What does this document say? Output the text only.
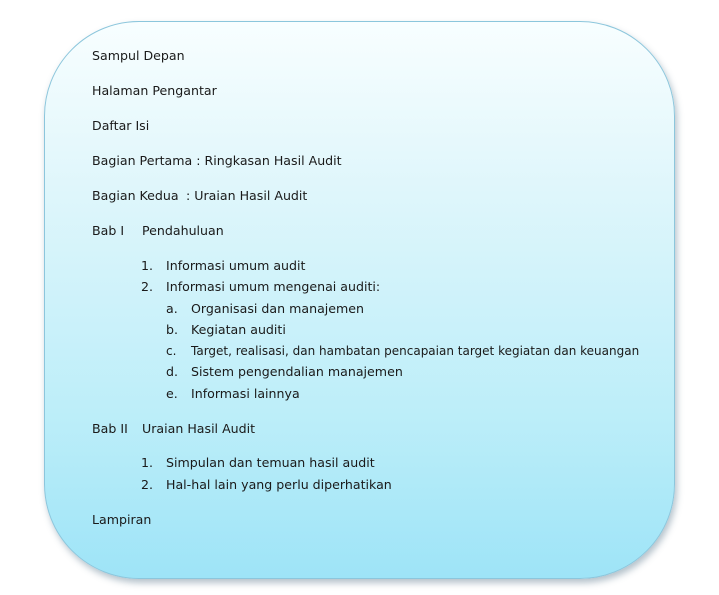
Sampul Depan

Halaman Pengantar

Daftar Isi

Bagian Pertama : Ringkasan Hasil Audit
Bagian Kedua : Uraian Hasil Audit
Bab I Pendahuluan
1. Informasi umum audit
2. Informasi umum mengenai auditi:
a. Organisasi dan manajemen
b. Kegiatan auditi
c. Target, realisasi, dan hambatan pencapaian target kegiatan dan keuangan
d. Sistem pengendalian manajemen
e. Informasi lainnya
Bab II Uraian Hasil Audit
1. Simpulan dan temuan hasil audit
2. Hal-hal lain yang perlu diperhatikan

Lampiran
